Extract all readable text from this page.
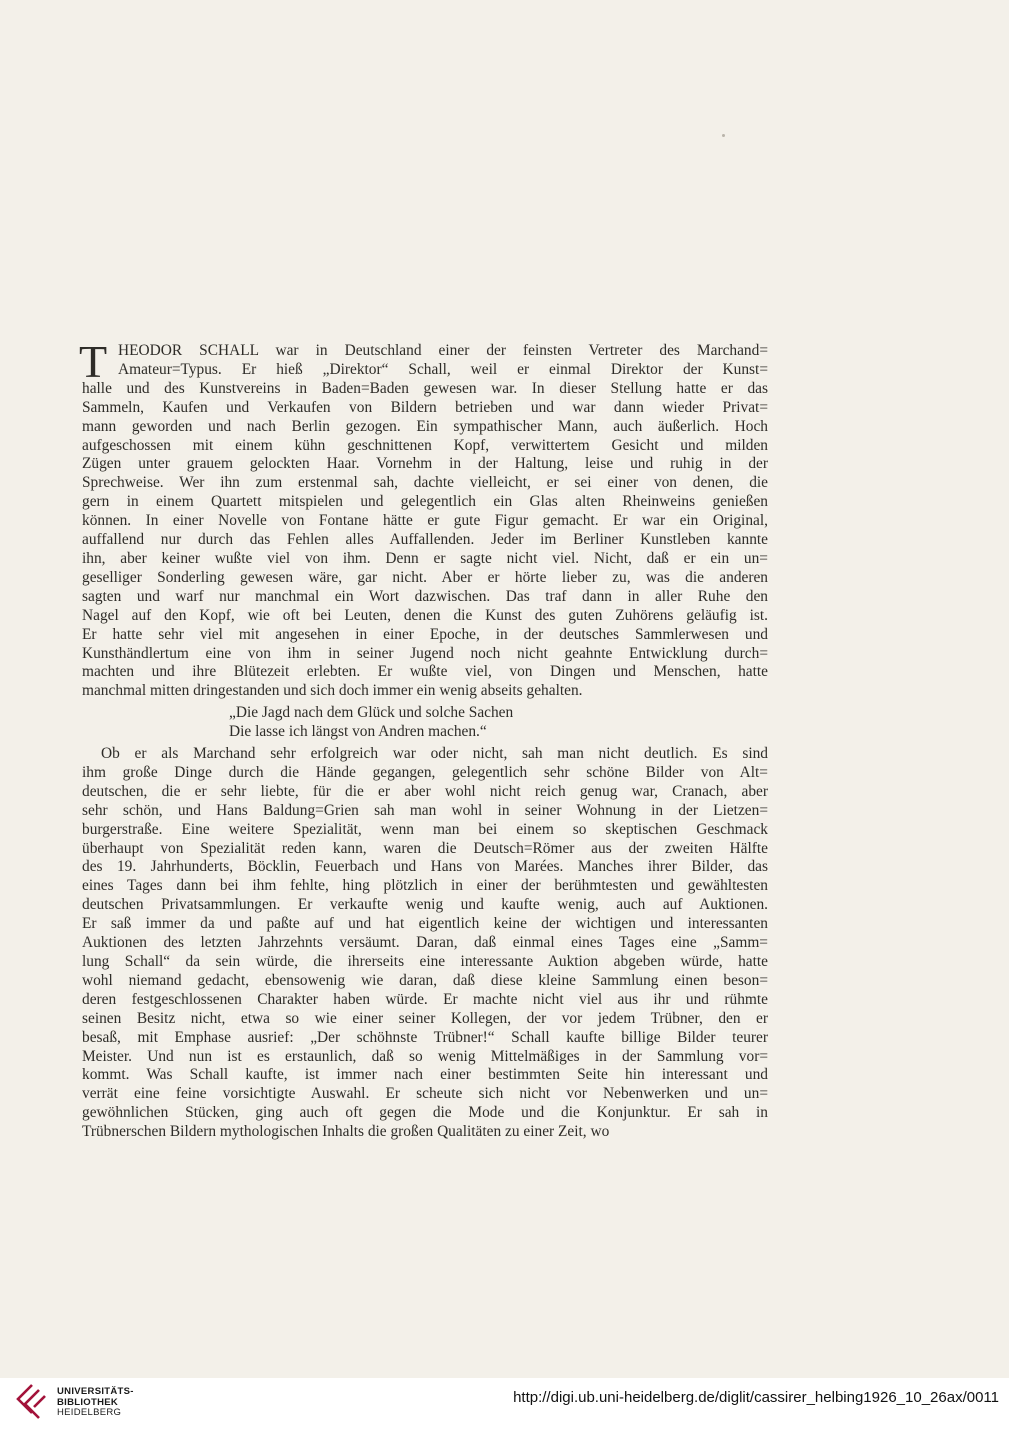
T HEODOR SCHALL war in Deutschland einer der feinsten Vertreter des Marchand=
Amateur=Typus. Er hieß „Direktor“ Schall, weil er einmal Direktor der Kunst=
halle und des Kunstvereins in Baden=Baden gewesen war. In dieser Stellung hatte er das
Sammeln, Kaufen und Verkaufen von Bildern betrieben und war dann wieder Privat=
mann geworden und nach Berlin gezogen. Ein sympathischer Mann, auch äußerlich. Hoch
aufgeschossen mit einem kühn geschnittenen Kopf, verwittertem Gesicht und milden
Zügen unter grauem gelockten Haar. Vornehm in der Haltung, leise und ruhig in der
Sprechweise. Wer ihn zum erstenmal sah, dachte vielleicht, er sei einer von denen, die
gern in einem Quartett mitspielen und gelegentlich ein Glas alten Rheinweins genießen
können. In einer Novelle von Fontane hätte er gute Figur gemacht. Er war ein Original,
auffallend nur durch das Fehlen alles Auffallenden. Jeder im Berliner Kunstleben kannte
ihn, aber keiner wußte viel von ihm. Denn er sagte nicht viel. Nicht, daß er ein un=
geselliger Sonderling gewesen wäre, gar nicht. Aber er hörte lieber zu, was die anderen
sagten und warf nur manchmal ein Wort dazwischen. Das traf dann in aller Ruhe den
Nagel auf den Kopf, wie oft bei Leuten, denen die Kunst des guten Zuhörens geläufig ist.
Er hatte sehr viel mit angesehen in einer Epoche, in der deutsches Sammlerwesen und
Kunsthändlertum eine von ihm in seiner Jugend noch nicht geahnte Entwicklung durch=
machten und ihre Blütezeit erlebten. Er wußte viel, von Dingen und Menschen, hatte
manchmal mitten dringestanden und sich doch immer ein wenig abseits gehalten.
„Die Jagd nach dem Glück und solche Sachen
Die lasse ich längst von Andren machen.“
Ob er als Marchand sehr erfolgreich war oder nicht, sah man nicht deutlich. Es sind
ihm große Dinge durch die Hände gegangen, gelegentlich sehr schöne Bilder von Alt=
deutschen, die er sehr liebte, für die er aber wohl nicht reich genug war, Cranach, aber
sehr schön, und Hans Baldung=Grien sah man wohl in seiner Wohnung in der Lietzen=
burgerstraße. Eine weitere Spezialität, wenn man bei einem so skeptischen Geschmack
überhaupt von Spezialität reden kann, waren die Deutsch=Römer aus der zweiten Hälfte
des 19. Jahrhunderts, Böcklin, Feuerbach und Hans von Marées. Manches ihrer Bilder, das
eines Tages dann bei ihm fehlte, hing plötzlich in einer der berühmtesten und gewähltesten
deutschen Privatsammlungen. Er verkaufte wenig und kaufte wenig, auch auf Auktionen.
Er saß immer da und paßte auf und hat eigentlich keine der wichtigen und interessanten
Auktionen des letzten Jahrzehnts versäumt. Daran, daß einmal eines Tages eine „Samm=
lung Schall“ da sein würde, die ihrerseits eine interessante Auktion abgeben würde, hatte
wohl niemand gedacht, ebensowenig wie daran, daß diese kleine Sammlung einen beson=
deren festgeschlossenen Charakter haben würde. Er machte nicht viel aus ihr und rühmte
seinen Besitz nicht, etwa so wie einer seiner Kollegen, der vor jedem Trübner, den er
besaß, mit Emphase ausrief: „Der schöhnste Trübner!“ Schall kaufte billige Bilder teurer
Meister. Und nun ist es erstaunlich, daß so wenig Mittelmäßiges in der Sammlung vor=
kommt. Was Schall kaufte, ist immer nach einer bestimmten Seite hin interessant und
verrät eine feine vorsichtigte Auswahl. Er scheute sich nicht vor Nebenwerken und un=
gewöhnlichen Stücken, ging auch oft gegen die Mode und die Konjunktur. Er sah in
Trübnerschen Bildern mythologischen Inhalts die großen Qualitäten zu einer Zeit, wo
UNIVERSITÄTS-
BIBLIOTHEK
HEIDELBERG
http://digi.ub.uni-heidelberg.de/diglit/cassirer_helbing1926_10_26ax/0011
